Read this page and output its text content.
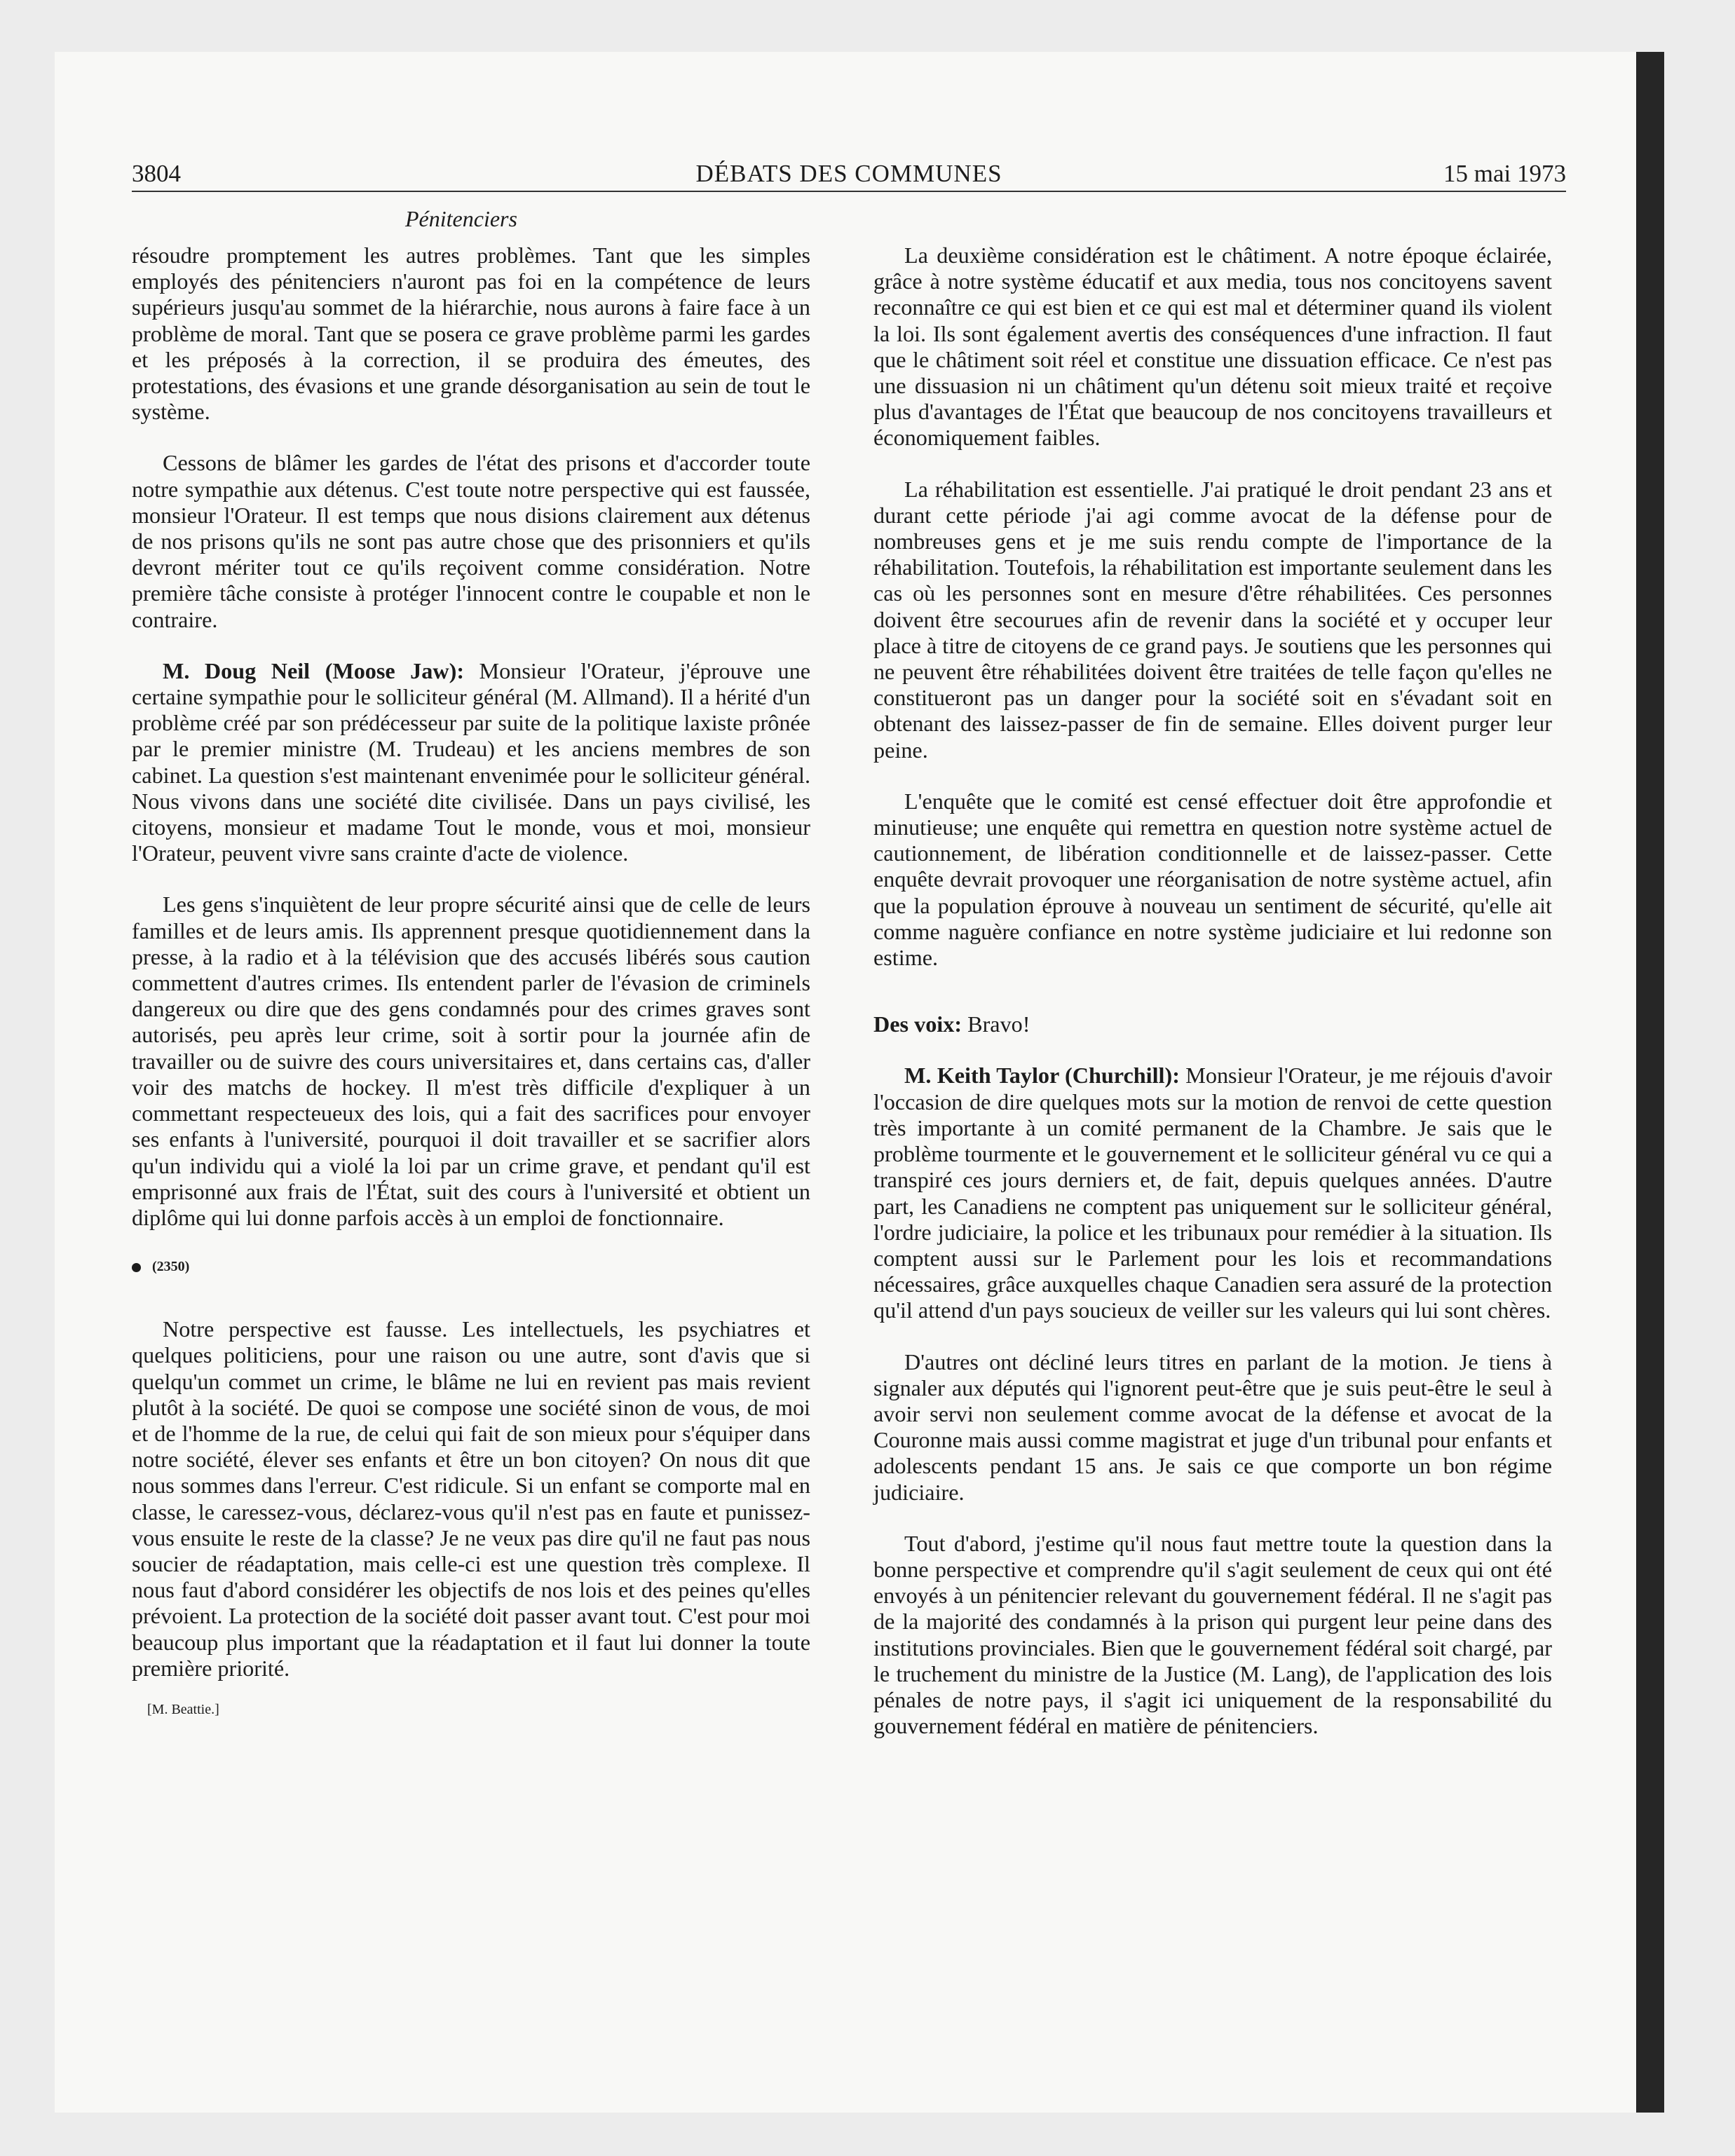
3804	DÉBATS DES COMMUNES	15 mai 1973
Pénitenciers

résoudre promptement les autres problèmes. Tant que les simples employés des pénitenciers n'auront pas foi en la compétence de leurs supérieurs jusqu'au sommet de la hiérarchie, nous aurons à faire face à un problème de moral. Tant que se posera ce grave problème parmi les gardes et les préposés à la correction, il se produira des émeutes, des protestations, des évasions et une grande désorganisation au sein de tout le système.

Cessons de blâmer les gardes de l'état des prisons et d'accorder toute notre sympathie aux détenus. C'est toute notre perspective qui est faussée, monsieur l'Orateur. Il est temps que nous disions clairement aux détenus de nos prisons qu'ils ne sont pas autre chose que des prisonniers et qu'ils devront mériter tout ce qu'ils reçoivent comme considération. Notre première tâche consiste à protéger l'innocent contre le coupable et non le contraire.

M. Doug Neil (Moose Jaw): Monsieur l'Orateur, j'éprouve une certaine sympathie pour le solliciteur général (M. Allmand). Il a hérité d'un problème créé par son prédécesseur par suite de la politique laxiste prônée par le premier ministre (M. Trudeau) et les anciens membres de son cabinet. La question s'est maintenant envenimée pour le solliciteur général. Nous vivons dans une société dite civilisée. Dans un pays civilisé, les citoyens, monsieur et madame Tout le monde, vous et moi, monsieur l'Orateur, peuvent vivre sans crainte d'acte de violence.

Les gens s'inquiètent de leur propre sécurité ainsi que de celle de leurs familles et de leurs amis. Ils apprennent presque quotidiennement dans la presse, à la radio et à la télévision que des accusés libérés sous caution commettent d'autres crimes. Ils entendent parler de l'évasion de criminels dangereux ou dire que des gens condamnés pour des crimes graves sont autorisés, peu après leur crime, soit à sortir pour la journée afin de travailler ou de suivre des cours universitaires et, dans certains cas, d'aller voir des matchs de hockey. Il m'est très difficile d'expliquer à un commettant respecteueux des lois, qui a fait des sacrifices pour envoyer ses enfants à l'université, pourquoi il doit travailler et se sacrifier alors qu'un individu qui a violé la loi par un crime grave, et pendant qu'il est emprisonné aux frais de l'État, suit des cours à l'université et obtient un diplôme qui lui donne parfois accès à un emploi de fonctionnaire.

(2350)

Notre perspective est fausse. Les intellectuels, les psychiatres et quelques politiciens, pour une raison ou une autre, sont d'avis que si quelqu'un commet un crime, le blâme ne lui en revient pas mais revient plutôt à la société. De quoi se compose une société sinon de vous, de moi et de l'homme de la rue, de celui qui fait de son mieux pour s'équiper dans notre société, élever ses enfants et être un bon citoyen? On nous dit que nous sommes dans l'erreur. C'est ridicule. Si un enfant se comporte mal en classe, le caressez-vous, déclarez-vous qu'il n'est pas en faute et punissez-vous ensuite le reste de la classe? Je ne veux pas dire qu'il ne faut pas nous soucier de réadaptation, mais celle-ci est une question très complexe. Il nous faut d'abord considérer les objectifs de nos lois et des peines qu'elles prévoient. La protection de la société doit passer avant tout. C'est pour moi beaucoup plus important que la réadaptation et il faut lui donner la toute première priorité.

[M. Beattie.]

La deuxième considération est le châtiment. A notre époque éclairée, grâce à notre système éducatif et aux media, tous nos concitoyens savent reconnaître ce qui est bien et ce qui est mal et déterminer quand ils violent la loi. Ils sont également avertis des conséquences d'une infraction. Il faut que le châtiment soit réel et constitue une dissuation efficace. Ce n'est pas une dissuasion ni un châtiment qu'un détenu soit mieux traité et reçoive plus d'avantages de l'État que beaucoup de nos concitoyens travailleurs et économiquement faibles.

La réhabilitation est essentielle. J'ai pratiqué le droit pendant 23 ans et durant cette période j'ai agi comme avocat de la défense pour de nombreuses gens et je me suis rendu compte de l'importance de la réhabilitation. Toutefois, la réhabilitation est importante seulement dans les cas où les personnes sont en mesure d'être réhabilitées. Ces personnes doivent être secourues afin de revenir dans la société et y occuper leur place à titre de citoyens de ce grand pays. Je soutiens que les personnes qui ne peuvent être réhabilitées doivent être traitées de telle façon qu'elles ne constitueront pas un danger pour la société soit en s'évadant soit en obtenant des laissez-passer de fin de semaine. Elles doivent purger leur peine.

L'enquête que le comité est censé effectuer doit être approfondie et minutieuse; une enquête qui remettra en question notre système actuel de cautionnement, de libération conditionnelle et de laissez-passer. Cette enquête devrait provoquer une réorganisation de notre système actuel, afin que la population éprouve à nouveau un sentiment de sécurité, qu'elle ait comme naguère confiance en notre système judiciaire et lui redonne son estime.

Des voix: Bravo!

M. Keith Taylor (Churchill): Monsieur l'Orateur, je me réjouis d'avoir l'occasion de dire quelques mots sur la motion de renvoi de cette question très importante à un comité permanent de la Chambre. Je sais que le problème tourmente et le gouvernement et le solliciteur général vu ce qui a transpiré ces jours derniers et, de fait, depuis quelques années. D'autre part, les Canadiens ne comptent pas uniquement sur le solliciteur général, l'ordre judiciaire, la police et les tribunaux pour remédier à la situation. Ils comptent aussi sur le Parlement pour les lois et recommandations nécessaires, grâce auxquelles chaque Canadien sera assuré de la protection qu'il attend d'un pays soucieux de veiller sur les valeurs qui lui sont chères.

D'autres ont décliné leurs titres en parlant de la motion. Je tiens à signaler aux députés qui l'ignorent peut-être que je suis peut-être le seul à avoir servi non seulement comme avocat de la défense et avocat de la Couronne mais aussi comme magistrat et juge d'un tribunal pour enfants et adolescents pendant 15 ans. Je sais ce que comporte un bon régime judiciaire.

Tout d'abord, j'estime qu'il nous faut mettre toute la question dans la bonne perspective et comprendre qu'il s'agit seulement de ceux qui ont été envoyés à un pénitencier relevant du gouvernement fédéral. Il ne s'agit pas de la majorité des condamnés à la prison qui purgent leur peine dans des institutions provinciales. Bien que le gouvernement fédéral soit chargé, par le truchement du ministre de la Justice (M. Lang), de l'application des lois pénales de notre pays, il s'agit ici uniquement de la responsabilité du gouvernement fédéral en matière de pénitenciers.
